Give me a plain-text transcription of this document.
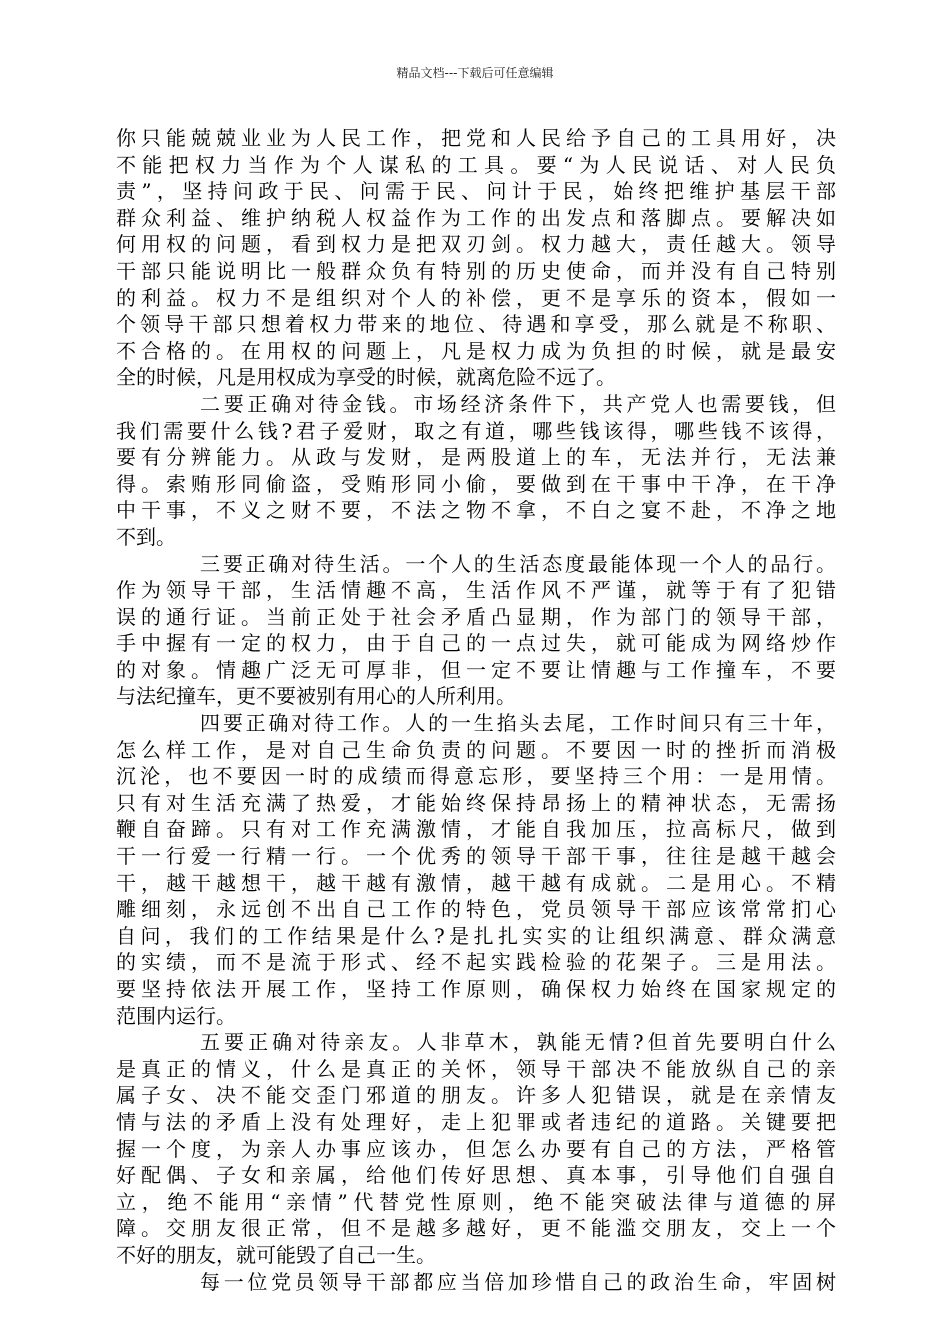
精品文档---下载后可任意编辑
你只能兢兢业业为人民工作，把党和人民给予自己的工具用好，决
不能把权力当作为个人谋私的工具。要“为人民说话、对人民负
责”，坚持问政于民、问需于民、问计于民，始终把维护基层干部
群众利益、维护纳税人权益作为工作的出发点和落脚点。要解决如
何用权的问题，看到权力是把双刃剑。权力越大，责任越大。领导
干部只能说明比一般群众负有特别的历史使命，而并没有自己特别
的利益。权力不是组织对个人的补偿，更不是享乐的资本，假如一
个领导干部只想着权力带来的地位、待遇和享受，那么就是不称职、
不合格的。在用权的问题上，凡是权力成为负担的时候，就是最安
全的时候，凡是用权成为享受的时候，就离危险不远了。
二要正确对待金钱。市场经济条件下，共产党人也需要钱，但
我们需要什么钱?君子爱财，取之有道，哪些钱该得，哪些钱不该得，
要有分辨能力。从政与发财，是两股道上的车，无法并行，无法兼
得。索贿形同偷盗，受贿形同小偷，要做到在干事中干净，在干净
中干事，不义之财不要，不法之物不拿，不白之宴不赴，不净之地
不到。
三要正确对待生活。一个人的生活态度最能体现一个人的品行。
作为领导干部，生活情趣不高，生活作风不严谨，就等于有了犯错
误的通行证。当前正处于社会矛盾凸显期，作为部门的领导干部，
手中握有一定的权力，由于自己的一点过失，就可能成为网络炒作
的对象。情趣广泛无可厚非，但一定不要让情趣与工作撞车，不要
与法纪撞车，更不要被别有用心的人所利用。
四要正确对待工作。人的一生掐头去尾，工作时间只有三十年，
怎么样工作，是对自己生命负责的问题。不要因一时的挫折而消极
沉沦，也不要因一时的成绩而得意忘形，要坚持三个用：一是用情。
只有对生活充满了热爱，才能始终保持昂扬上的精神状态，无需扬
鞭自奋蹄。只有对工作充满激情，才能自我加压，拉高标尺，做到
干一行爱一行精一行。一个优秀的领导干部干事，往往是越干越会
干，越干越想干，越干越有激情，越干越有成就。二是用心。不精
雕细刻，永远创不出自己工作的特色，党员领导干部应该常常扪心
自问，我们的工作结果是什么?是扎扎实实的让组织满意、群众满意
的实绩，而不是流于形式、经不起实践检验的花架子。三是用法。
要坚持依法开展工作，坚持工作原则，确保权力始终在国家规定的
范围内运行。
五要正确对待亲友。人非草木，孰能无情?但首先要明白什么
是真正的情义，什么是真正的关怀，领导干部决不能放纵自己的亲
属子女、决不能交歪门邪道的朋友。许多人犯错误，就是在亲情友
情与法的矛盾上没有处理好，走上犯罪或者违纪的道路。关键要把
握一个度，为亲人办事应该办，但怎么办要有自己的方法，严格管
好配偶、子女和亲属，给他们传好思想、真本事，引导他们自强自
立，绝不能用“亲情”代替党性原则，绝不能突破法律与道德的屏
障。交朋友很正常，但不是越多越好，更不能滥交朋友，交上一个
不好的朋友，就可能毁了自己一生。
每一位党员领导干部都应当倍加珍惜自己的政治生命，牢固树
